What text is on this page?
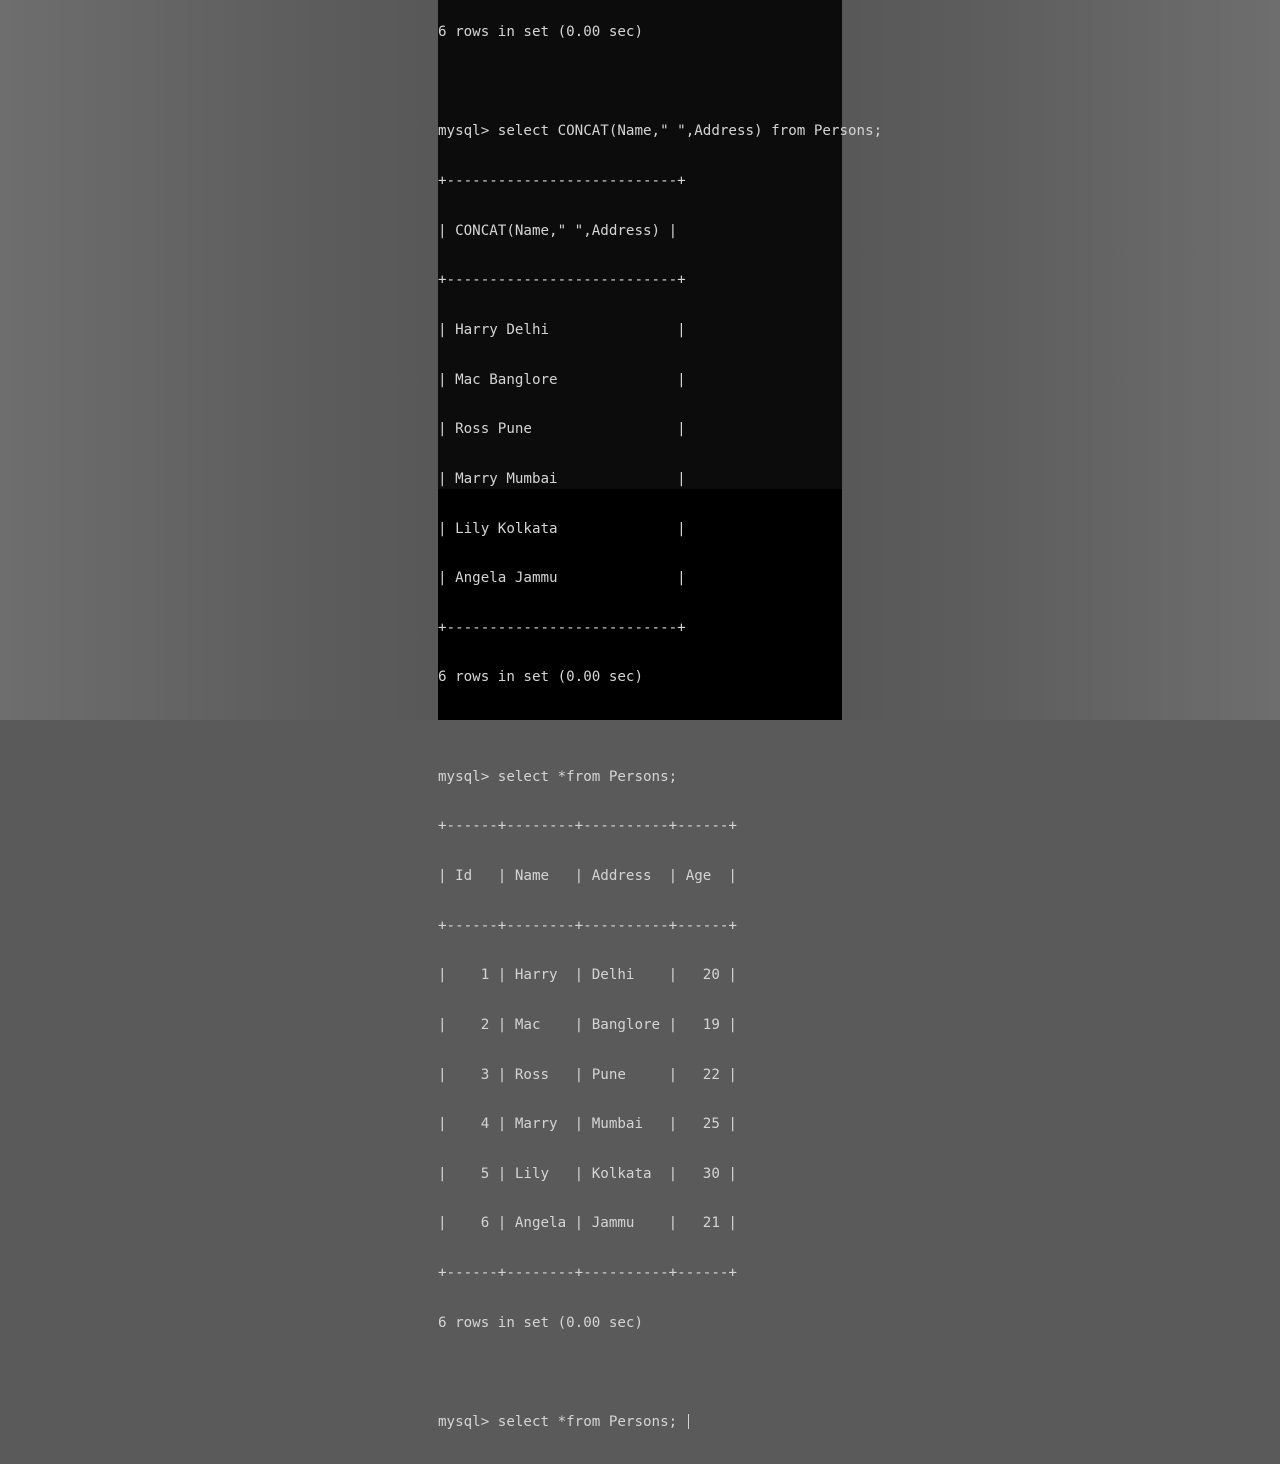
6 rows in set (0.00 sec)

mysql> select CONCAT(Name," ",Address) from Persons;

+---------------------------+

| CONCAT(Name," ",Address) |

+---------------------------+

| Harry Delhi               |

| Mac Banglore              |

| Ross Pune                 |

| Marry Mumbai              |

| Lily Kolkata              |

| Angela Jammu              |

+---------------------------+

6 rows in set (0.00 sec)

mysql> select *from Persons;

+------+--------+----------+------+

| Id   | Name   | Address  | Age  |

+------+--------+----------+------+

|    1 | Harry  | Delhi    |   20 |

|    2 | Mac    | Banglore |   19 |

|    3 | Ross   | Pune     |   22 |

|    4 | Marry  | Mumbai   |   25 |

|    5 | Lily   | Kolkata  |   30 |

|    6 | Angela | Jammu    |   21 |

+------+--------+----------+------+

6 rows in set (0.00 sec)

mysql> select *from Persons;
